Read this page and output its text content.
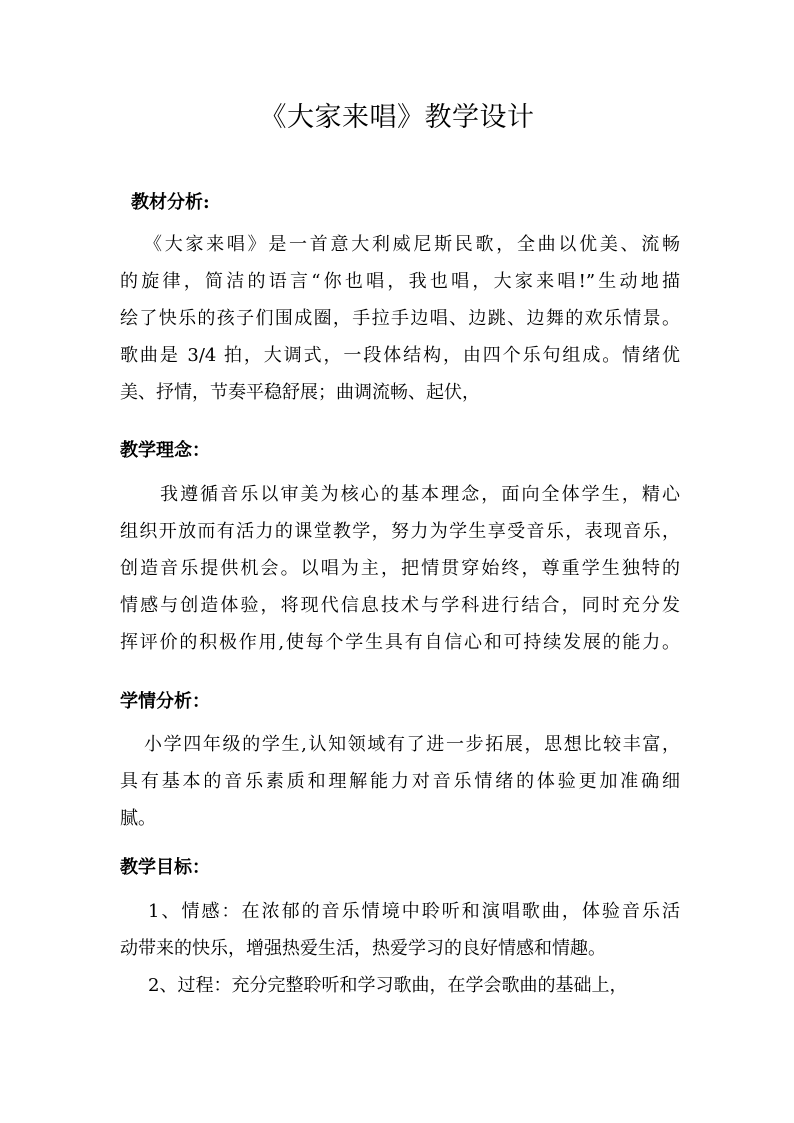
《大家来唱》教学设计
教材分析:
《大家来唱》是一首意大利威尼斯民歌，全曲以优美、流畅
的旋律，简洁的语言“你也唱，我也唱，大家来唱!”生动地描
绘了快乐的孩子们围成圈，手拉手边唱、边跳、边舞的欢乐情景。
歌曲是 3/4 拍，大调式，一段体结构，由四个乐句组成。情绪优
美、抒情，节奏平稳舒展；曲调流畅、起伏，
教学理念：
我遵循音乐以审美为核心的基本理念，面向全体学生，精心
组织开放而有活力的课堂教学，努力为学生享受音乐，表现音乐，
创造音乐提供机会。以唱为主，把情贯穿始终，尊重学生独特的
情感与创造体验，将现代信息技术与学科进行结合，同时充分发
挥评价的积极作用,使每个学生具有自信心和可持续发展的能力。
学情分析：
小学四年级的学生,认知领域有了进一步拓展，思想比较丰富，
具有基本的音乐素质和理解能力对音乐情绪的体验更加准确细
腻。
教学目标：
1、情感：在浓郁的音乐情境中聆听和演唱歌曲，体验音乐活
动带来的快乐，增强热爱生活，热爱学习的良好情感和情趣。
2、过程：充分完整聆听和学习歌曲，在学会歌曲的基础上，
